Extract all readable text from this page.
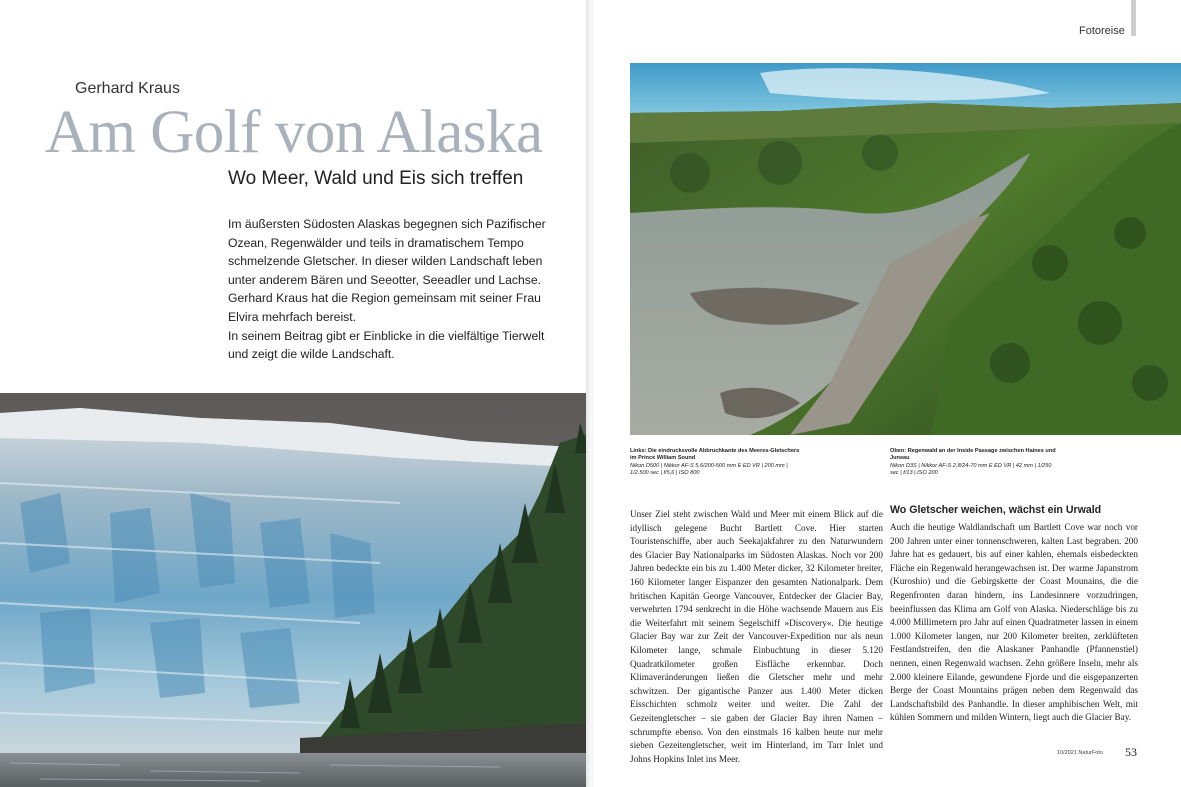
Gerhard Kraus
Am Golf von Alaska
Wo Meer, Wald und Eis sich treffen

Im äußersten Südosten Alaskas begegnen sich Pazifischer Ozean, Regenwälder und teils in dramatischem Tempo schmelzende Gletscher. In dieser wilden Landschaft leben unter anderem Bären und Seeotter, Seeadler und Lachse. Gerhard Kraus hat die Region gemeinsam mit seiner Frau Elvira mehrfach bereist.

In seinem Beitrag gibt er Einblicke in die vielfältige Tierwelt und zeigt die wilde Landschaft.

Fotoreise
Links: Die eindrucksvolle Abbruchkante des Meeres-Gletschers im Prince William Sound
Nikon D500 | Nikkor AF-S 5,6/200-500 mm E ED VR | 200 mm | 1/2.500 sec | f/5,6 | ISO 800
Oben: Regenwald an der Inside Passage zwischen Haines und Juneau
Nikon D3S | Nikkor AF-S 2,8/24-70 mm E ED VR | 42 mm | 1/250 sec | f/13 | ISO 200
Unser Ziel steht zwischen Wald und Meer mit einem Blick auf die idyllisch gelegene Bucht Bartlett Cove. Hier starten Touristenschiffe, aber auch Seekajakfahrer zu den Naturwundern des Glacier Bay Nationalparks im Südosten Alaskas. Noch vor 200 Jahren bedeckte ein bis zu 1.400 Meter dicker, 32 Kilometer breiter, 160 Kilometer langer Eispanzer den gesamten Nationalpark. Dem britischen Kapitän George Vancouver, Entdecker der Glacier Bay, verwehrten 1794 senkrecht in die Höhe wachsende Mauern aus Eis die Weiterfahrt mit seinem Segelschiff »Discovery«. Die heutige Glacier Bay war zur Zeit der Vancouver-Expedition nur als neun Kilometer lange, schmale Einbuchtung in dieser 5.120 Quadratkilometer großen Eisfläche erkennbar. Doch Klimaveränderungen ließen die Gletscher mehr und mehr schwitzen. Der gigantische Panzer aus 1.400 Meter dicken Eisschichten schmolz weiter und weiter. Die Zahl der Gezeitengletscher – sie gaben der Glacier Bay ihren Namen – schrumpfte ebenso. Von den einstmals 16 kalben heute nur mehr sieben Gezeitengletscher, weit im Hinterland, im Tarr Inlet und Johns Hopkins Inlet ins Meer.
Wo Gletscher weichen, wächst ein Urwald
Auch die heutige Waldlandschaft um Bartlett Cove war noch vor 200 Jahren unter einer tonnenschweren, kalten Last begraben. 200 Jahre hat es gedauert, bis auf einer kahlen, ehemals eisbedeckten Fläche ein Regenwald herangewachsen ist. Der warme Japanstrom (Kuroshio) und die Gebirgskette der Coast Mounains, die die Regenfronten daran hindern, ins Landesinnere vorzudringen, beeinflussen das Klima am Golf von Alaska. Niederschläge bis zu 4.000 Millimetern pro Jahr auf einen Quadratmeter lassen in einem 1.000 Kilometer langen, nur 200 Kilometer breiten, zerklüfteten Festlandstreifen, den die Alaskaner Panhandle (Pfannenstiel) nennen, einen Regenwald wachsen. Zehn größere Inseln, mehr als 2.000 kleinere Eilande, gewundene Fjorde und die eisgepanzerten Berge der Coast Mountains prägen neben dem Regenwald das Landschaftsbild des Panhandle. In dieser amphibischen Welt, mit kühlen Sommern und milden Wintern, liegt auch die Glacier Bay.
10/2021 NaturFoto 53
